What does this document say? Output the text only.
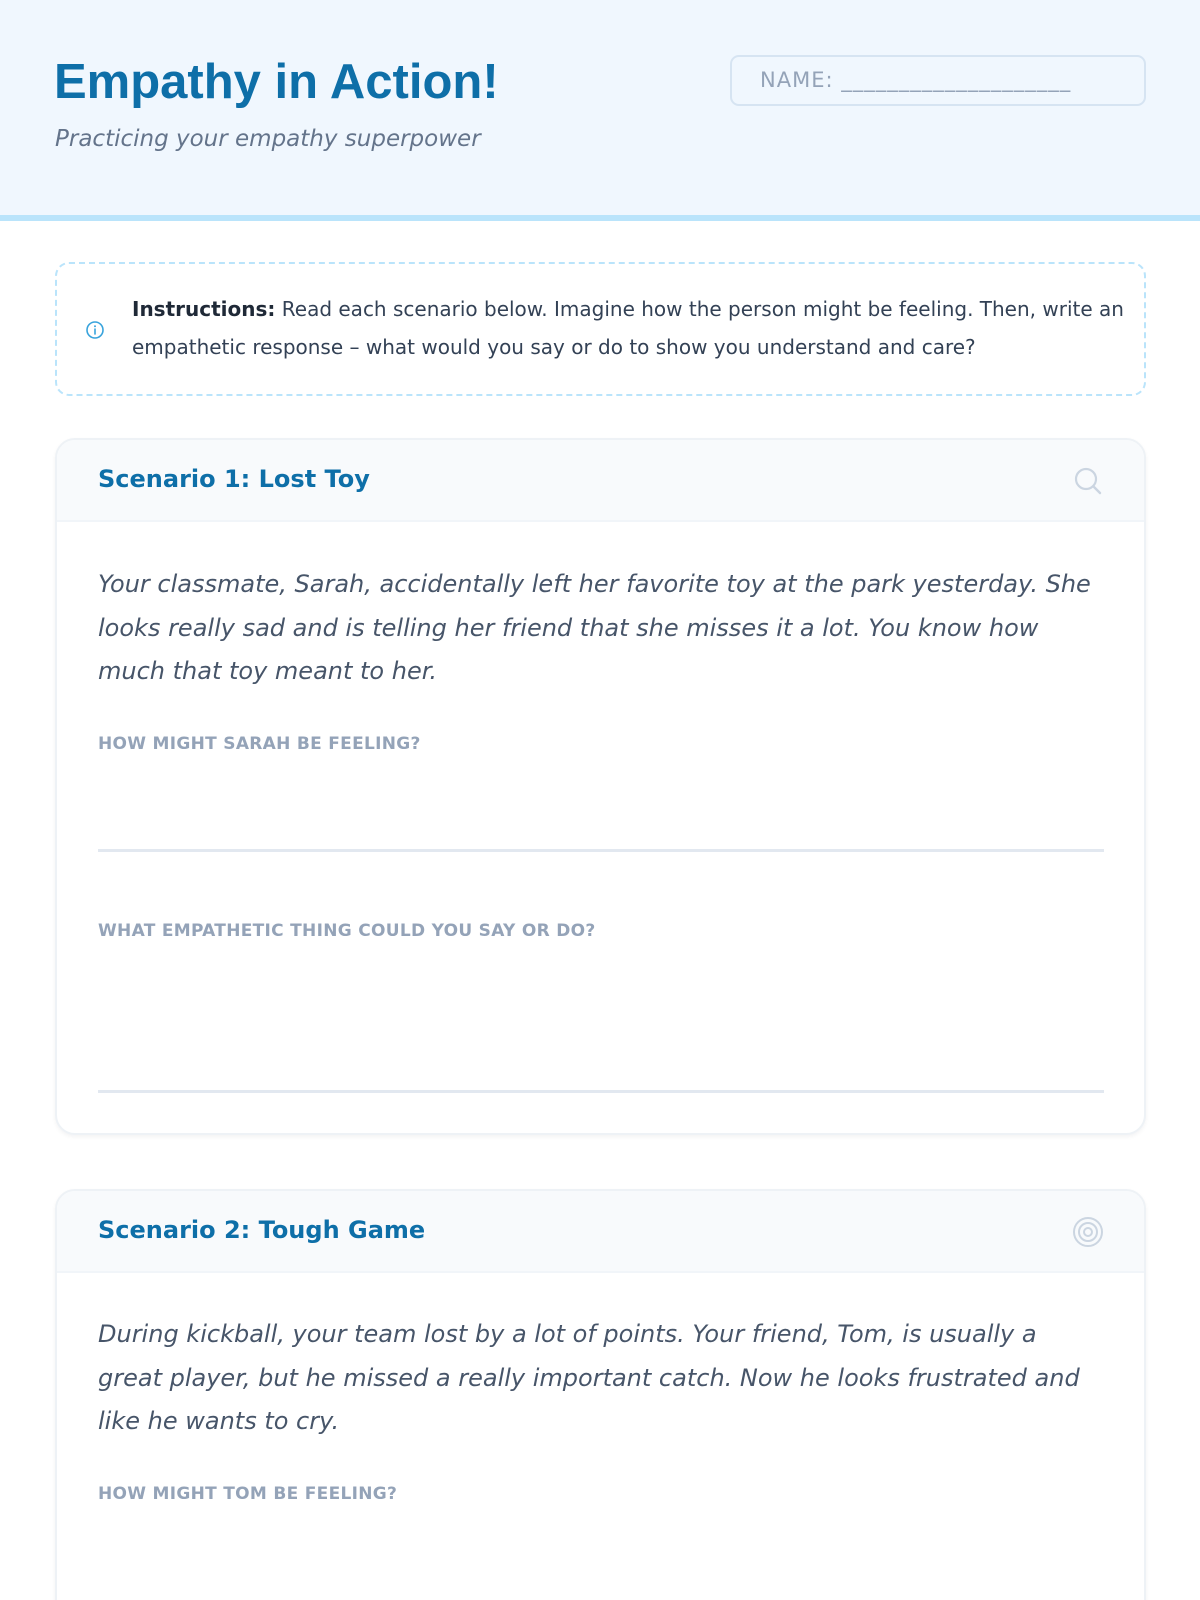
Empathy in Action!
Practicing your empathy superpower
NAME: ____________________
Instructions: Read each scenario below. Imagine how the person might be feeling. Then, write an empathetic response – what would you say or do to show you understand and care?
Scenario 1: Lost Toy
Your classmate, Sarah, accidentally left her favorite toy at the park yesterday. She looks really sad and is telling her friend that she misses it a lot. You know how much that toy meant to her.
HOW MIGHT SARAH BE FEELING?
WHAT EMPATHETIC THING COULD YOU SAY OR DO?
Scenario 2: Tough Game
During kickball, your team lost by a lot of points. Your friend, Tom, is usually a great player, but he missed a really important catch. Now he looks frustrated and like he wants to cry.
HOW MIGHT TOM BE FEELING?
